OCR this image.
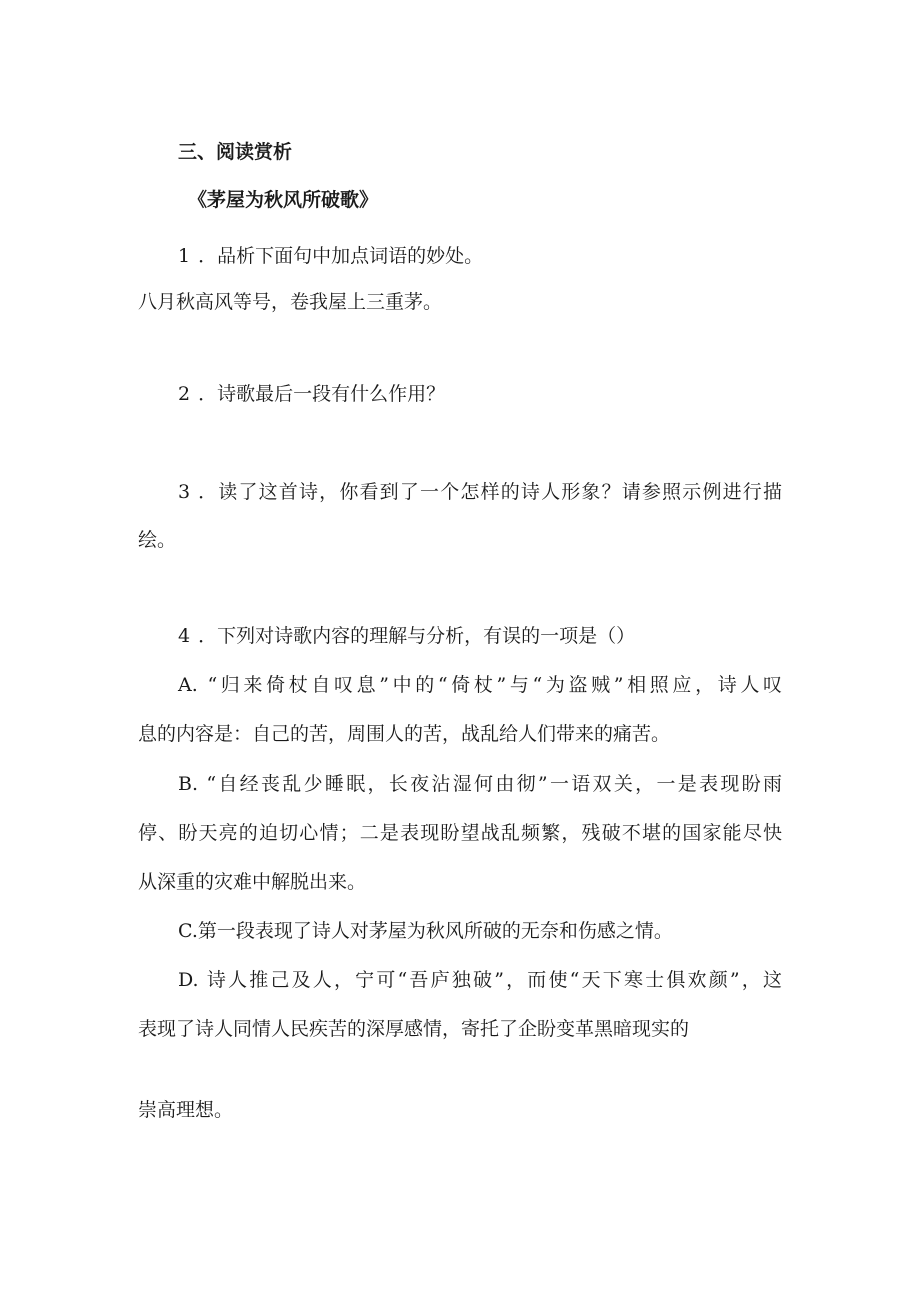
三、阅读赏析
《茅屋为秋风所破歌》
1 ．品析下面句中加点词语的妙处。
八月秋高风等号，卷我屋上三重茅。
2 ．诗歌最后一段有什么作用？
3 ．读了这首诗，你看到了一个怎样的诗人形象？请参照示例进行描
绘。
4 ．下列对诗歌内容的理解与分析，有误的一项是（）
A. “归来倚杖自叹息”中的“倚杖”与“为盗贼”相照应，诗人叹
息的内容是：自己的苦，周围人的苦，战乱给人们带来的痛苦。
B. “自经丧乱少睡眠，长夜沾湿何由彻”一语双关，一是表现盼雨
停、盼天亮的迫切心情；二是表现盼望战乱频繁，残破不堪的国家能尽快
从深重的灾难中解脱出来。
C.第一段表现了诗人对茅屋为秋风所破的无奈和伤感之情。
D. 诗人推己及人，宁可“吾庐独破”，而使“天下寒士俱欢颜”，这
表现了诗人同情人民疾苦的深厚感情，寄托了企盼变革黑暗现实的
崇高理想。
